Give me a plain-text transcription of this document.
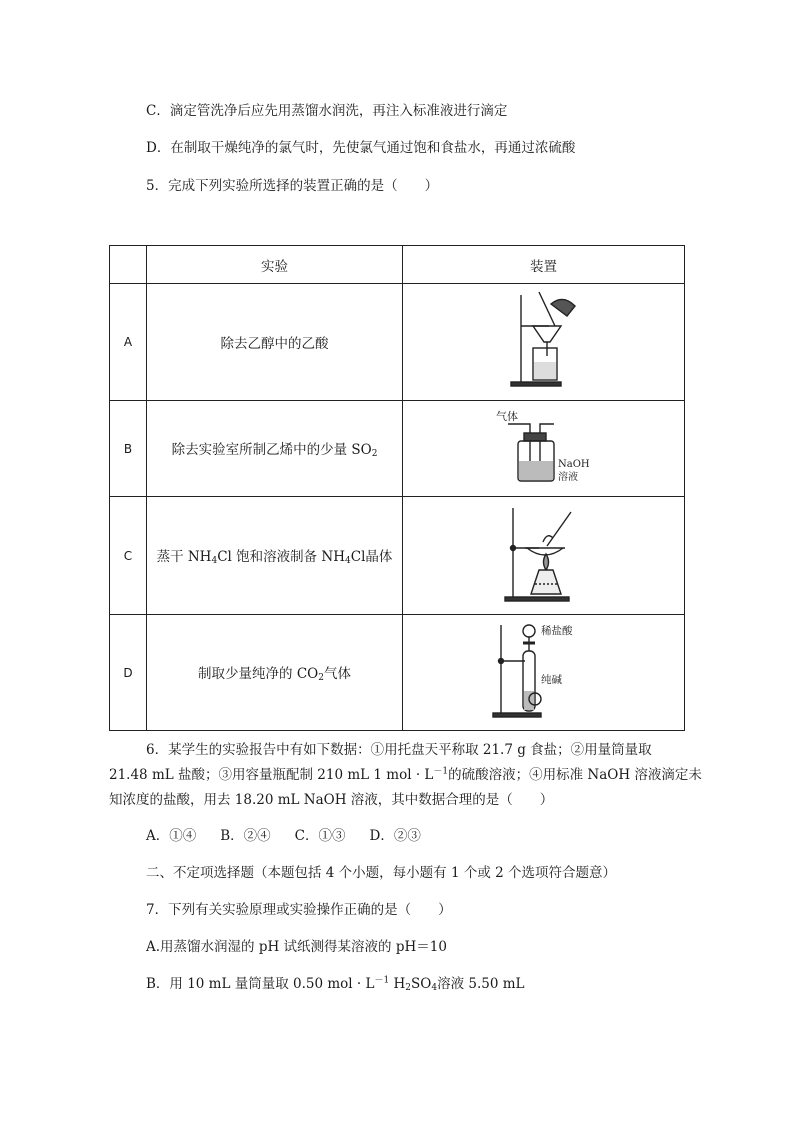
C．滴定管洗净后应先用蒸馏水润洗，再注入标准液进行滴定
D．在制取干燥纯净的氯气时，先使氯气通过饱和食盐水，再通过浓硫酸
5．完成下列实验所选择的装置正确的是（　　）
	实验	装置
A	除去乙醇中的乙酸	
B	除去实验室所制乙烯中的少量 $SO_2$	气体
NaOH
溶液

C	蒸干 $NH_4Cl$ 饱和溶液制备 $NH_4Cl$晶体	
D	制取少量纯净的 $CO_2$气体	稀盐酸
纯碱
6．某学生的实验报告中有如下数据：①用托盘天平称取 21.7 g 食盐；②用量筒量取
21.48 mL 盐酸；③用容量瓶配制 210 mL 1 mol · $L^{-1}$的硫酸溶液；④用标准 NaOH 溶液滴定未
知浓度的盐酸，用去 18.20 mL NaOH 溶液，其中数据合理的是（　　）
A．①④ B．②④ C．①③ D．②③
二、不定项选择题（本题包括 4 个小题，每小题有 1 个或 2 个选项符合题意）
7．下列有关实验原理或实验操作正确的是（　　）
A.用蒸馏水润湿的 pH 试纸测得某溶液的 pH＝10
B．用 10 mL 量筒量取 0.50 mol · $L^{-1}$ $H_2SO_4$溶液 5.50 mL
